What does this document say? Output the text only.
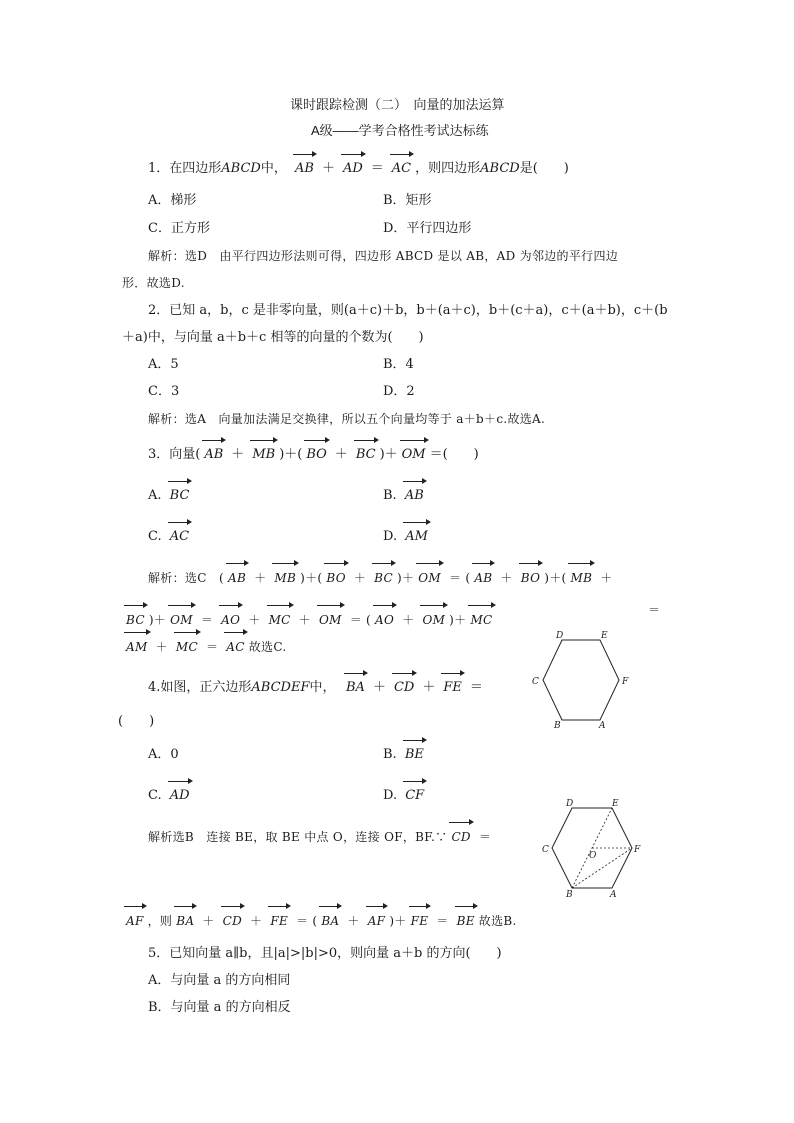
课时跟踪检测（二）　向量的加法运算
A级——学考合格性考试达标练
1．在四边形ABCD中， AB ＋ AD ＝ AC ，则四边形ABCD是(　　)
A．梯形	B．矩形
C．正方形	D．平行四边形
解析：选D　由平行四边形法则可得，四边形 ABCD 是以 AB，AD 为邻边的平行四边
形．故选D.
2．已知 a，b，c 是非零向量，则(a＋c)＋b，b＋(a＋c)，b＋(c＋a)，c＋(a＋b)，c＋(b
＋a)中，与向量 a＋b＋c 相等的向量的个数为(　　)
A．5	B．4
C．3	D．2
解析：选A　向量加法满足交换律，所以五个向量均等于 a＋b＋c.故选A.
3．向量( AB ＋ MB )＋( BO ＋ BC )＋ OM ＝(　　)
A. BC	B. AB
C. AC	D. AM
解析：选C　( AB ＋ MB )＋( BO ＋ BC )＋ OM ＝ ( AB ＋ BO )＋( MB ＋
BC )＋ OM ＝ AO ＋ MC ＋ OM ＝ ( AO ＋ OM )＋ MC
＝
AM ＋ MC ＝ AC 故选C.
D	E
C	F
B	A
4.如图，正六边形ABCDEF中，　 BA ＋ CD ＋ FE ＝
(　　)
A．0	B. BE
C. AD	D. CF
解析选B　连接 BE，取 BE 中点 O，连接 OF，BF.∵ CD ＝
D	E
C	F
O
B	A
AF ，则 BA ＋ CD ＋ FE ＝ ( BA ＋ AF )＋ FE ＝ BE 故选B.
5．已知向量 a∥b，且|a|>|b|>0，则向量 a＋b 的方向(　　)
A．与向量 a 的方向相同
B．与向量 a 的方向相反
